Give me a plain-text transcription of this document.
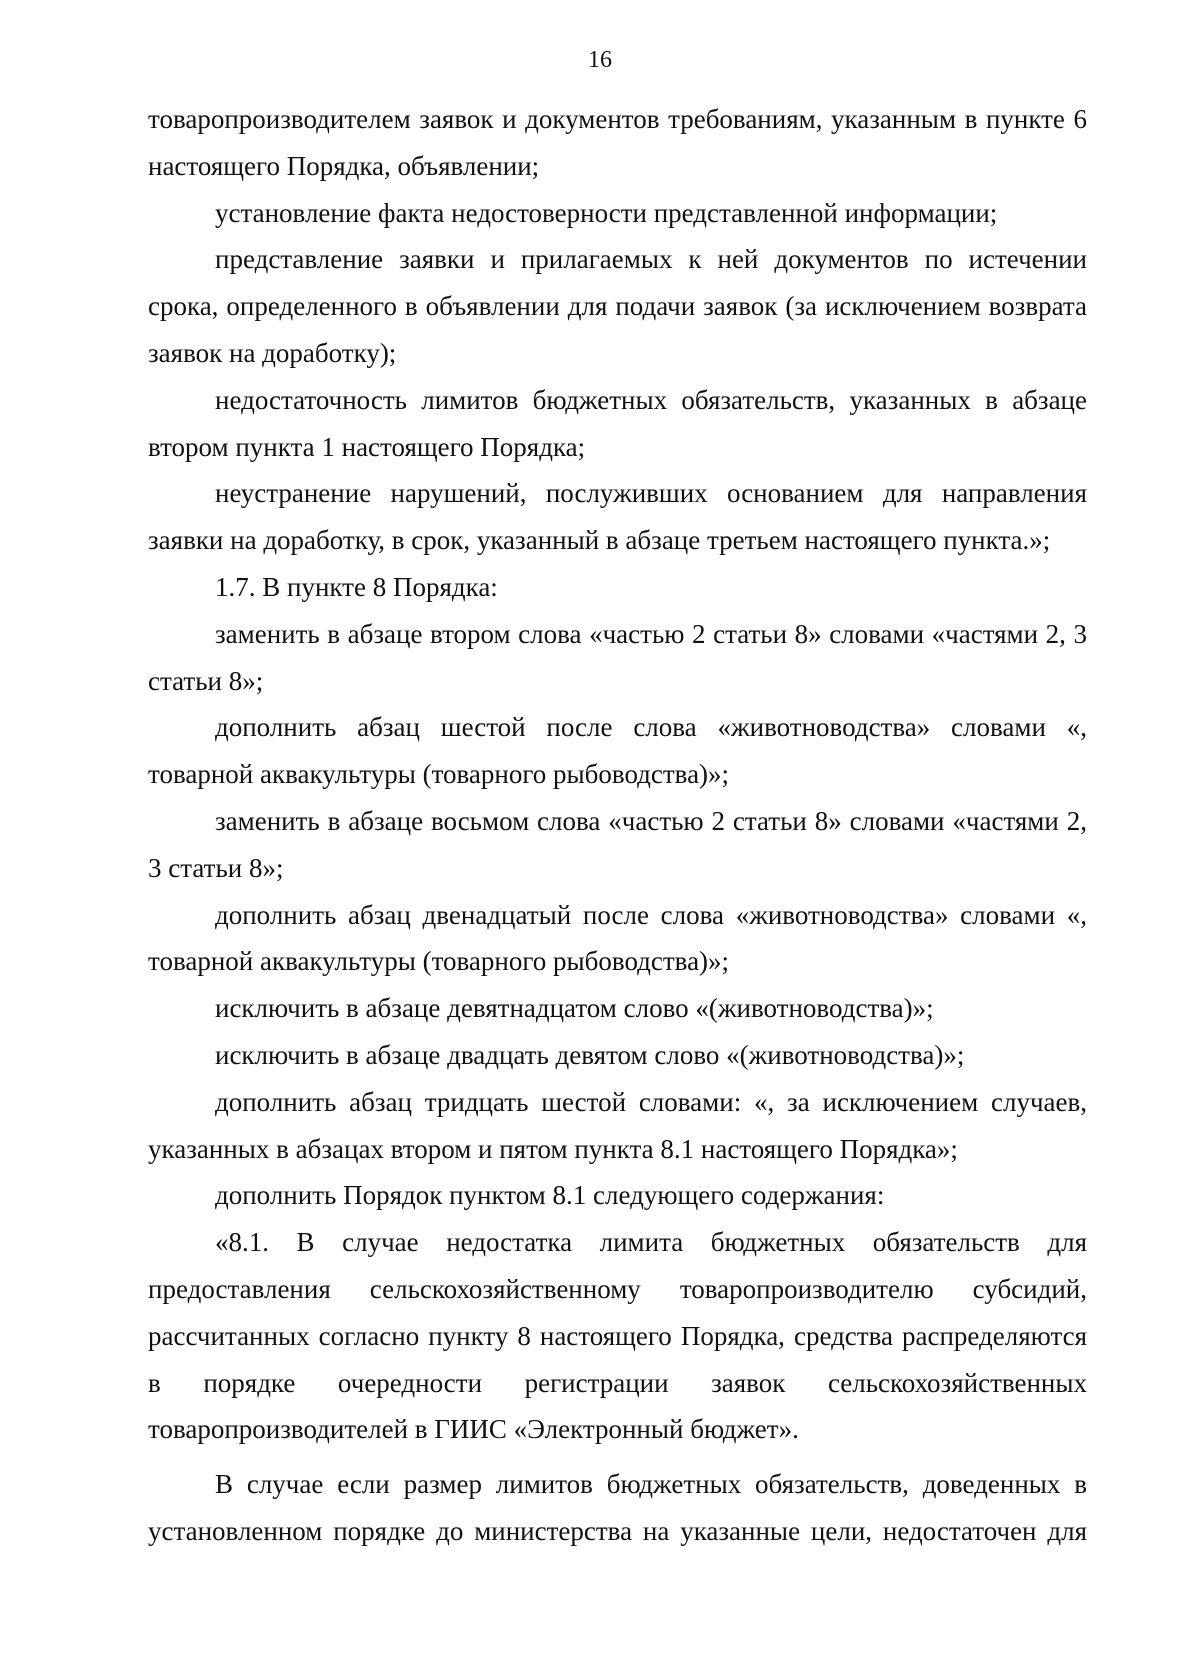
16

товаропроизводителем заявок и документов требованиям, указанным в пункте 6 настоящего Порядка, объявлении;

установление факта недостоверности представленной информации;

представление заявки и прилагаемых к ней документов по истечении срока, определенного в объявлении для подачи заявок (за исключением возврата заявок на доработку);

недостаточность лимитов бюджетных обязательств, указанных в абзаце втором пункта 1 настоящего Порядка;

неустранение нарушений, послуживших основанием для направления заявки на доработку, в срок, указанный в абзаце третьем настоящего пункта.»;

1.7. В пункте 8 Порядка:

заменить в абзаце втором слова «частью 2 статьи 8» словами «частями 2, 3 статьи 8»;

дополнить абзац шестой после слова «животноводства» словами «, товарной аквакультуры (товарного рыбоводства)»;

заменить в абзаце восьмом слова «частью 2 статьи 8» словами «частями 2, 3 статьи 8»;

дополнить абзац двенадцатый после слова «животноводства» словами «, товарной аквакультуры (товарного рыбоводства)»;

исключить в абзаце девятнадцатом слово «(животноводства)»;

исключить в абзаце двадцать девятом слово «(животноводства)»;

дополнить абзац тридцать шестой словами: «, за исключением случаев, указанных в абзацах втором и пятом пункта 8.1 настоящего Порядка»;

дополнить Порядок пунктом 8.1 следующего содержания:

«8.1. В случае недостатка лимита бюджетных обязательств для предоставления сельскохозяйственному товаропроизводителю субсидий, рассчитанных согласно пункту 8 настоящего Порядка, средства распределяются в порядке очередности регистрации заявок сельскохозяйственных товаропроизводителей в ГИИС «Электронный бюджет».

В случае если размер лимитов бюджетных обязательств, доведенных в установленном порядке до министерства на указанные цели, недостаточен для
